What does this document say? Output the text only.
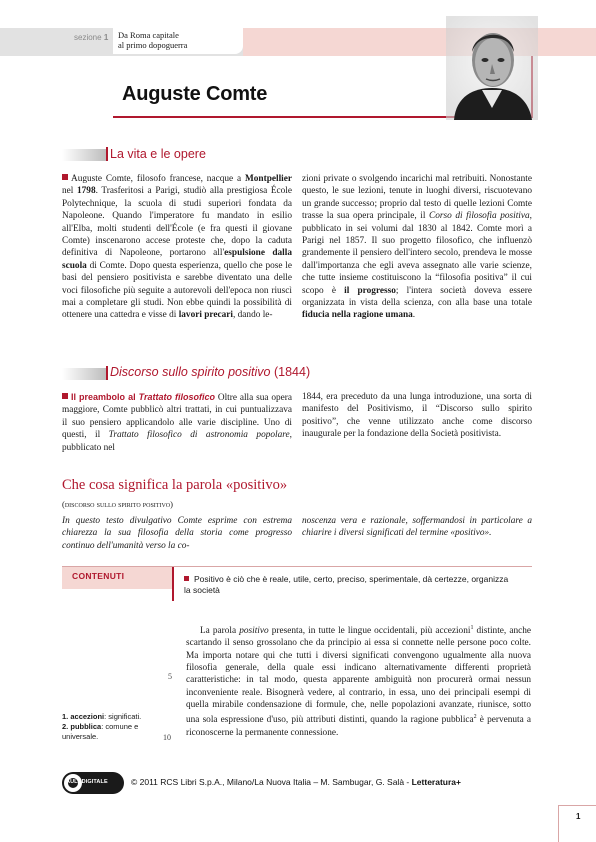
sezione 1 Da Roma capitale
al primo dopoguerra
Auguste Comte
La vita e le opere
Auguste Comte, filosofo francese, nacque a Montpellier nel 1798. Trasferitosi a Parigi, studiò alla prestigiosa École Polytechnique, la scuola di studi superiori fondata da Napoleone. Quando l'imperatore fu mandato in esilio all'Elba, molti studenti dell'École (e fra questi il giovane Comte) inscenarono accese proteste che, dopo la caduta definitiva di Napoleone, portarono all'espulsione dalla scuola di Comte. Dopo questa esperienza, quello che pose le basi del pensiero positivista e sarebbe diventato una delle voci filosofiche più seguite a autorevoli dell'epoca non riuscì mai a completare gli studi. Non ebbe quindi la possibilità di ottenere una cattedra e visse di lavori precari, dando le-
zioni private o svolgendo incarichi mal retribuiti. Nonostante questo, le sue lezioni, tenute in luoghi diversi, riscuotevano un grande successo; proprio dal testo di quelle lezioni Comte trasse la sua opera principale, il Corso di filosofia positiva, pubblicato in sei volumi dal 1830 al 1842. Comte morì a Parigi nel 1857. Il suo progetto filosofico, che influenzò grandemente il pensiero dell'intero secolo, prendeva le mosse dall'importanza che egli aveva assegnato alle varie scienze, che tutte insieme costituiscono la “filosofia positiva” il cui scopo è il progresso; l'intera società doveva essere organizzata in vista della scienza, con alla base una totale fiducia nella ragione umana.
Discorso sullo spirito positivo (1844)
Il preambolo al Trattato filosofico Oltre alla sua opera maggiore, Comte pubblicò altri trattati, in cui puntualizzava il suo pensiero applicandolo alle varie discipline. Uno di questi, il Trattato filosofico di astronomia popolare, pubblicato nel
1844, era preceduto da una lunga introduzione, una sorta di manifesto del Positivismo, il “Discorso sullo spirito positivo”, che venne utilizzato anche come discorso inaugurale per la fondazione della Società positivista.
Che cosa significa la parola «positivo»
(discorso sullo spirito positivo)
In questo testo divulgativo Comte esprime con estrema chiarezza la sua filosofia della storia come progresso continuo dell'umanità verso la co-
noscenza vera e razionale, soffermandosi in particolare a chiarire i diversi significati del termine «positivo».
CONTENUTI	Positivo è ciò che è reale, utile, certo, preciso, sperimentale, dà certezze, organizza la società

La parola positivo presenta, in tutte le lingue occidentali, più accezioni$^1$ distinte, anche scartando il senso grossolano che da principio ai essa si connette nelle persone poco colte. Ma importa notare qui che tutti i diversi significati convengono ugualmente alla nuova filosofia generale, della quale essi indicano alternativamente differenti proprietà caratteristiche: in tal modo, questa apparente ambiguità non procurerà ormai nessun inconveniente reale. Bisognerà vedere, al contrario, in essa, uno dei principali esempi di quella mirabile condensazione di formule, che, nelle popolazioni avanzate, riunisce, sotto una sola espressione d'uso, più attributi distinti, quando la ragione pubblica$^2$ è pervenuta a riconoscerne la permanente connessione.

5
10
1. accezioni: significati.
2. pubblica: comune e universale.
AULADIGITALE	© 2011 RCS Libri S.p.A., Milano/La Nuova Italia – M. Sambugar, G. Salà - Letteratura+
1
